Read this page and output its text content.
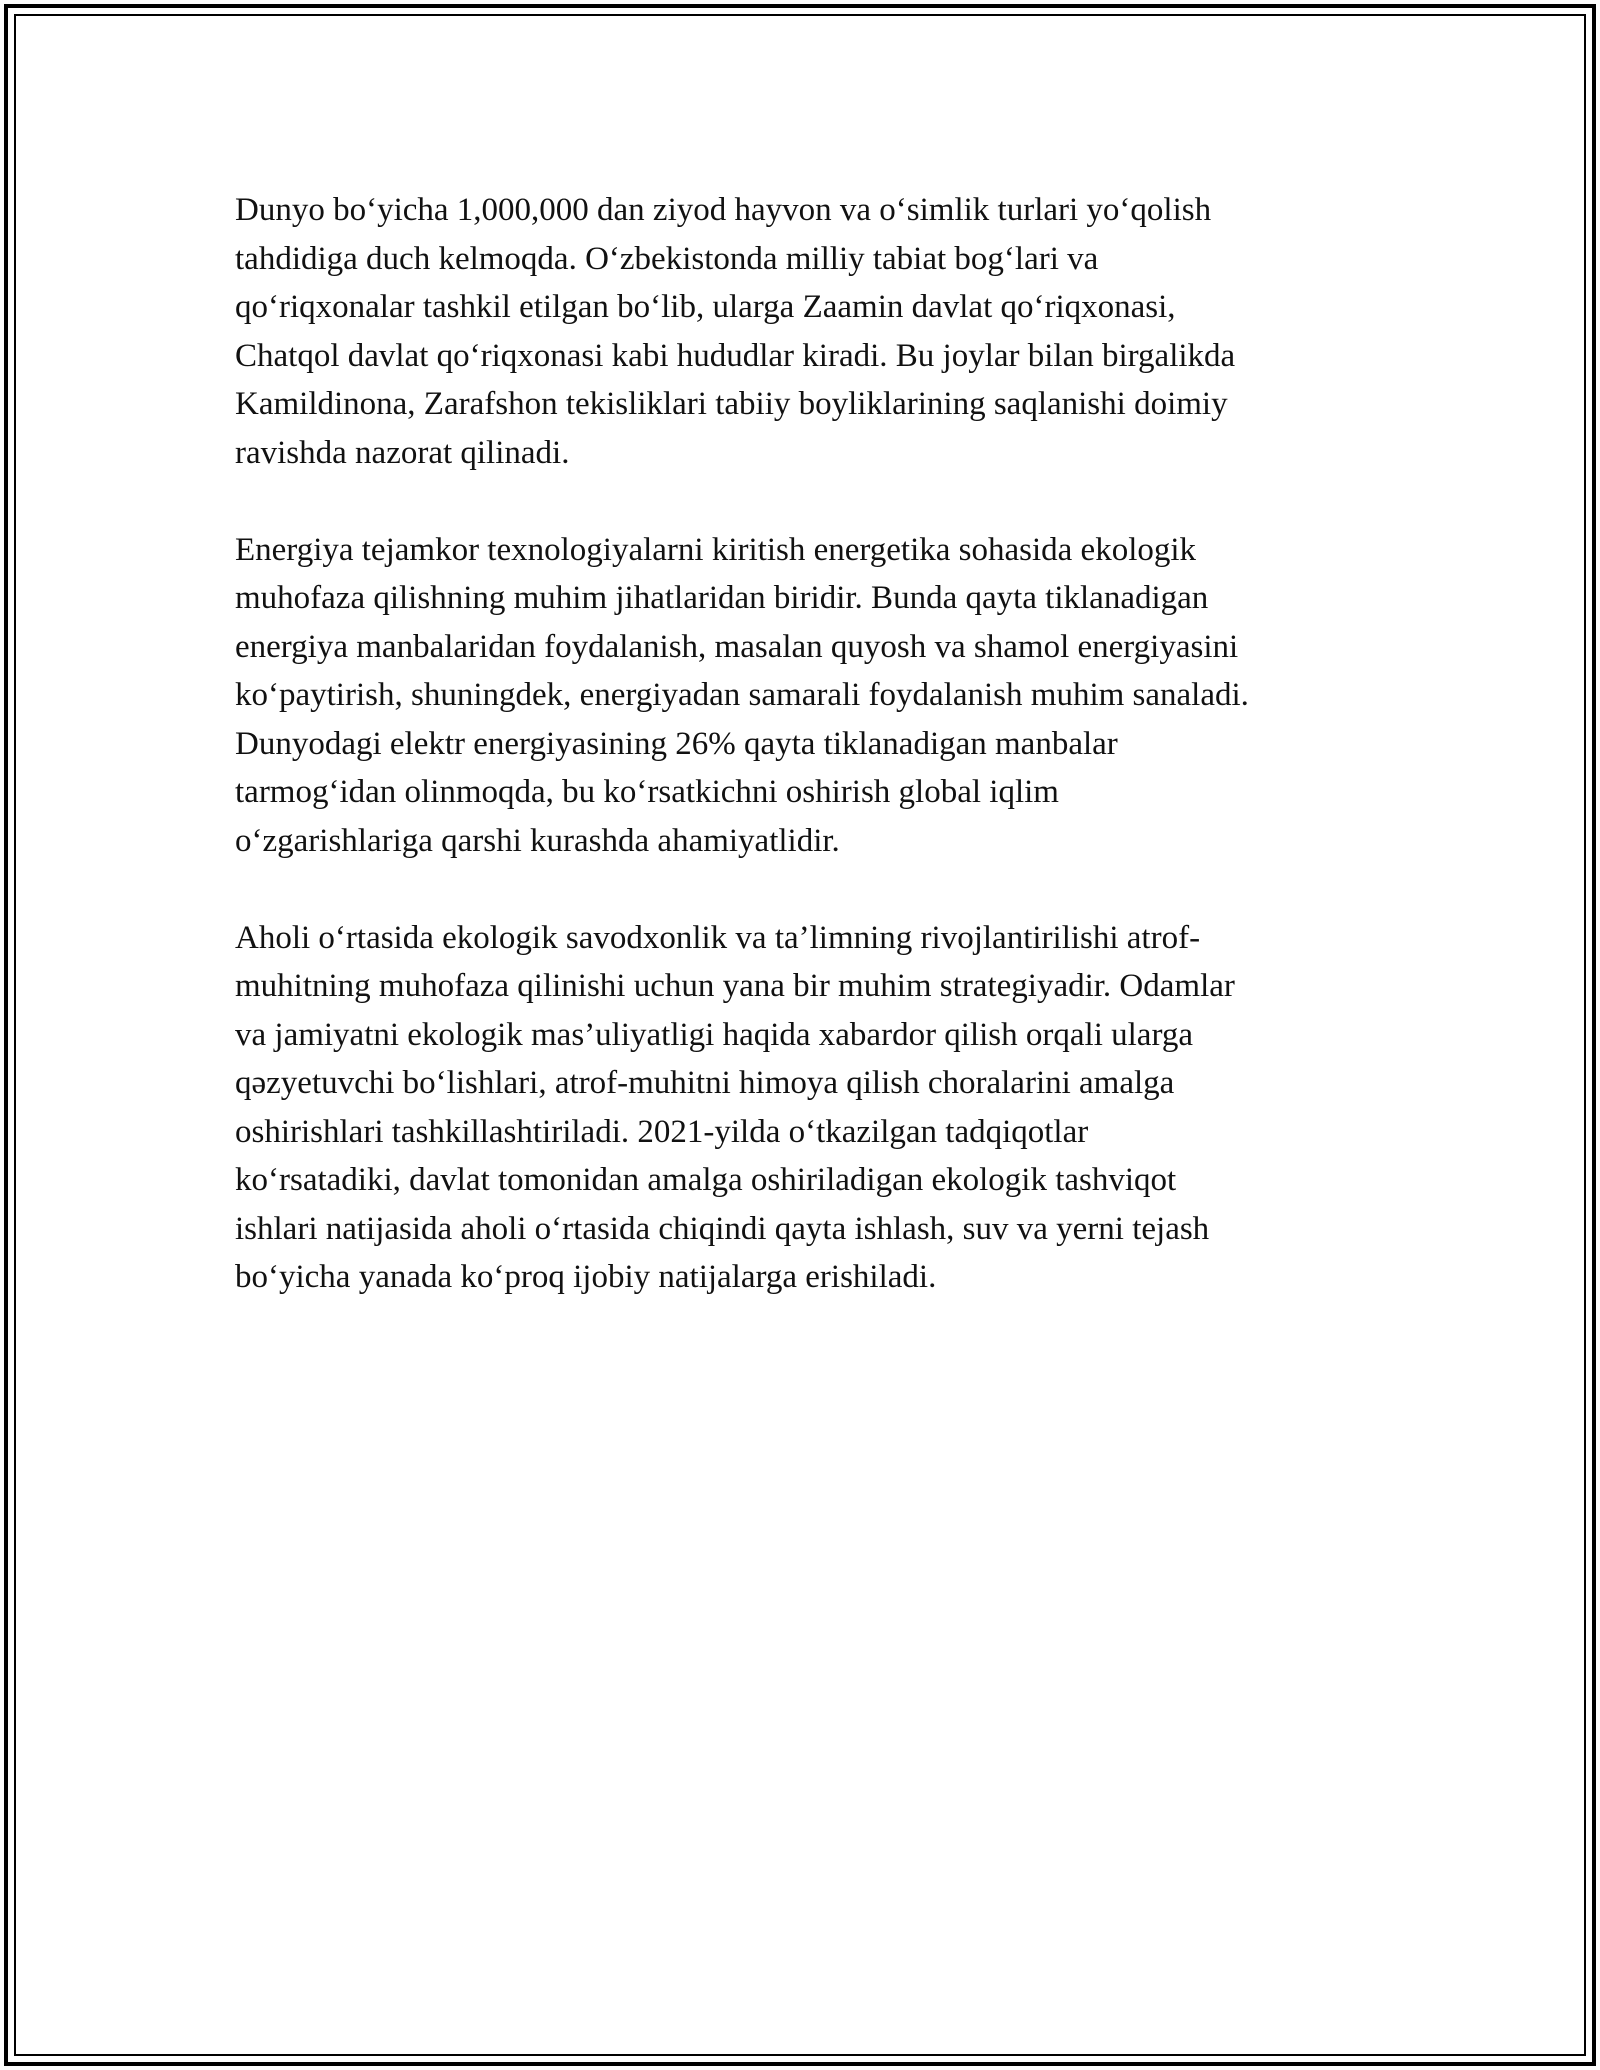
Dunyo bo‘yicha 1,000,000 dan ziyod hayvon va o‘simlik turlari yo‘qolish
tahdidiga duch kelmoqda. O‘zbekistonda milliy tabiat bog‘lari va
qo‘riqxonalar tashkil etilgan bo‘lib, ularga Zaamin davlat qo‘riqxonasi,
Chatqol davlat qo‘riqxonasi kabi hududlar kiradi. Bu joylar bilan birgalikda
Kamildinona, Zarafshon tekisliklari tabiiy boyliklarining saqlanishi doimiy
ravishda nazorat qilinadi.

Energiya tejamkor texnologiyalarni kiritish energetika sohasida ekologik
muhofaza qilishning muhim jihatlaridan biridir. Bunda qayta tiklanadigan
energiya manbalaridan foydalanish, masalan quyosh va shamol energiyasini
ko‘paytirish, shuningdek, energiyadan samarali foydalanish muhim sanaladi.
Dunyodagi elektr energiyasining 26% qayta tiklanadigan manbalar
tarmog‘idan olinmoqda, bu ko‘rsatkichni oshirish global iqlim
o‘zgarishlariga qarshi kurashda ahamiyatlidir.

Aholi o‘rtasida ekologik savodxonlik va ta’limning rivojlantirilishi atrof-
muhitning muhofaza qilinishi uchun yana bir muhim strategiyadir. Odamlar
va jamiyatni ekologik mas’uliyatligi haqida xabardor qilish orqali ularga
qəzyetuvchi bo‘lishlari, atrof-muhitni himoya qilish choralarini amalga
oshirishlari tashkillashtiriladi. 2021-yilda o‘tkazilgan tadqiqotlar
ko‘rsatadiki, davlat tomonidan amalga oshiriladigan ekologik tashviqot
ishlari natijasida aholi o‘rtasida chiqindi qayta ishlash, suv va yerni tejash
bo‘yicha yanada ko‘proq ijobiy natijalarga erishiladi.
